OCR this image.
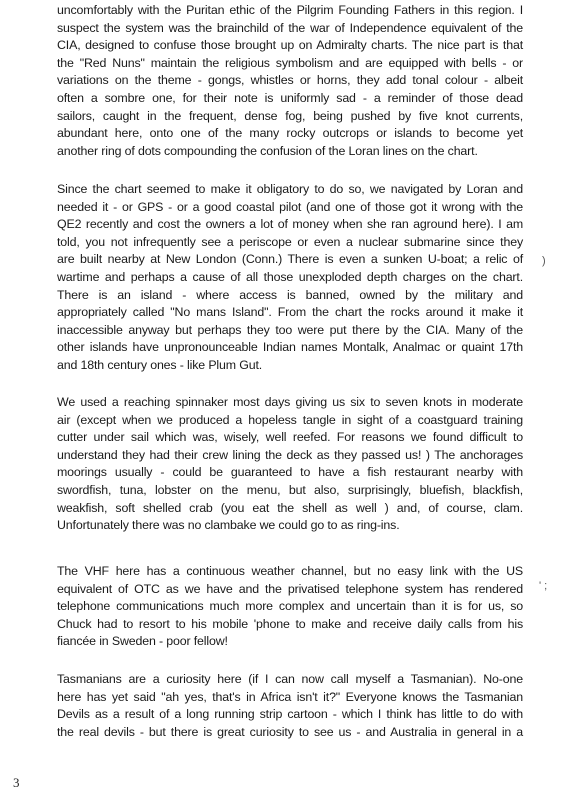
uncomfortably with the Puritan ethic of the Pilgrim Founding Fathers in this region. I
suspect the system was the brainchild of the war of Independence equivalent of the
CIA, designed to confuse those brought up on Admiralty charts. The nice part is that
the "Red Nuns" maintain the religious symbolism and are equipped with bells - or
variations on the theme - gongs, whistles or horns, they add tonal colour - albeit
often a sombre one, for their note is uniformly sad - a reminder of those dead
sailors, caught in the frequent, dense fog, being pushed by five knot currents,
abundant here, onto one of the many rocky outcrops or islands to become yet
another ring of dots compounding the confusion of the Loran lines on the chart.
Since the chart seemed to make it obligatory to do so, we navigated by Loran and
needed it - or GPS - or a good coastal pilot (and one of those got it wrong with the
QE2 recently and cost the owners a lot of money when she ran aground here). I am
told, you not infrequently see a periscope or even a nuclear submarine since they
are built nearby at New London (Conn.) There is even a sunken U-boat; a relic of
wartime and perhaps a cause of all those unexploded depth charges on the chart.
There is an island - where access is banned, owned by the military and
appropriately called "No mans Island". From the chart the rocks around it make it
inaccessible anyway but perhaps they too were put there by the CIA. Many of the
other islands have unpronounceable Indian names Montalk, Analmac or quaint 17th
and 18th century ones - like Plum Gut.
We used a reaching spinnaker most days giving us six to seven knots in moderate
air (except when we produced a hopeless tangle in sight of a coastguard training
cutter under sail which was, wisely, well reefed. For reasons we found difficult to
understand they had their crew lining the deck as they passed us! ) The anchorages
moorings usually - could be guaranteed to have a fish restaurant nearby with
swordfish, tuna, lobster on the menu, but also, surprisingly, bluefish, blackfish,
weakfish, soft shelled crab (you eat the shell as well ) and, of course, clam.
Unfortunately there was no clambake we could go to as ring-ins.
The VHF here has a continuous weather channel, but no easy link with the US
equivalent of OTC as we have and the privatised telephone system has rendered
telephone communications much more complex and uncertain than it is for us, so
Chuck had to resort to his mobile 'phone to make and receive daily calls from his
fiancée in Sweden - poor fellow!
Tasmanians are a curiosity here (if I can now call myself a Tasmanian). No-one
here has yet said "ah yes, that's in Africa isn't it?" Everyone knows the Tasmanian
Devils as a result of a long running strip cartoon - which I think has little to do with
the real devils - but there is great curiosity to see us - and Australia in general in a
)
' ;
3
